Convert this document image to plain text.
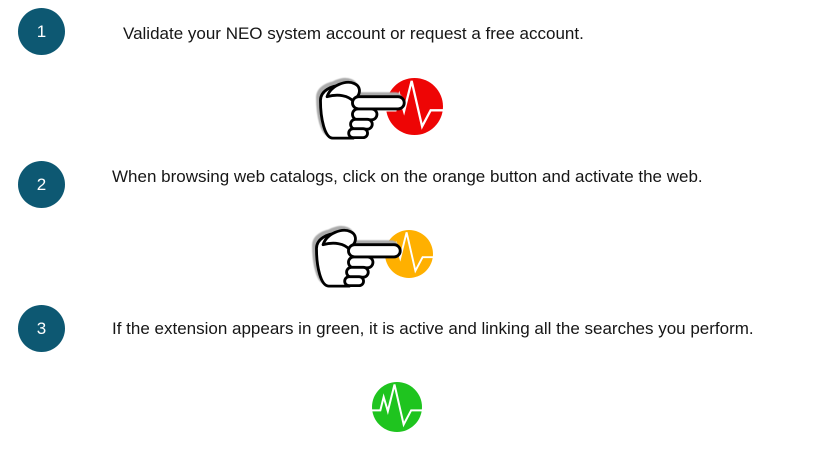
1	Validate your NEO system account or request a free account.
2	When browsing web catalogs, click on the orange button and activate the web.
3	If the extension appears in green, it is active and linking all the searches you perform.
